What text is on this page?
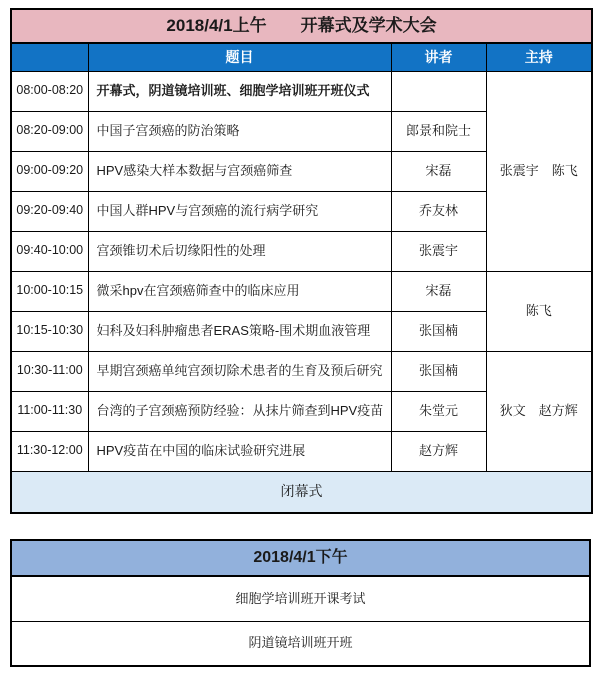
2018/4/1上午　　开幕式及学术大会			
	题目	讲者	主持
08:00-08:20	开幕式，阴道镜培训班、细胞学培训班开班仪式		张震宇　陈飞
08:20-09:00	中国子宫颈癌的防治策略	郎景和院士	
09:00-09:20	HPV感染大样本数据与宫颈癌筛查	宋磊	
09:20-09:40	中国人群HPV与宫颈癌的流行病学研究	乔友林	
09:40-10:00	宫颈锥切术后切缘阳性的处理	张震宇	
10:00-10:15	微采hpv在宫颈癌筛查中的临床应用	宋磊	陈飞
10:15-10:30	妇科及妇科肿瘤患者ERAS策略-围术期血液管理	张国楠	
10:30-11:00	早期宫颈癌单纯宫颈切除术患者的生育及预后研究	张国楠	狄文　赵方辉
11:00-11:30	台湾的子宫颈癌预防经验：从抹片筛查到HPV疫苗	朱堂元	
11:30-12:00	HPV疫苗在中国的临床试验研究进展	赵方辉	
闭幕式			
2018/4/1下午
细胞学培训班开课考试
阴道镜培训班开班
